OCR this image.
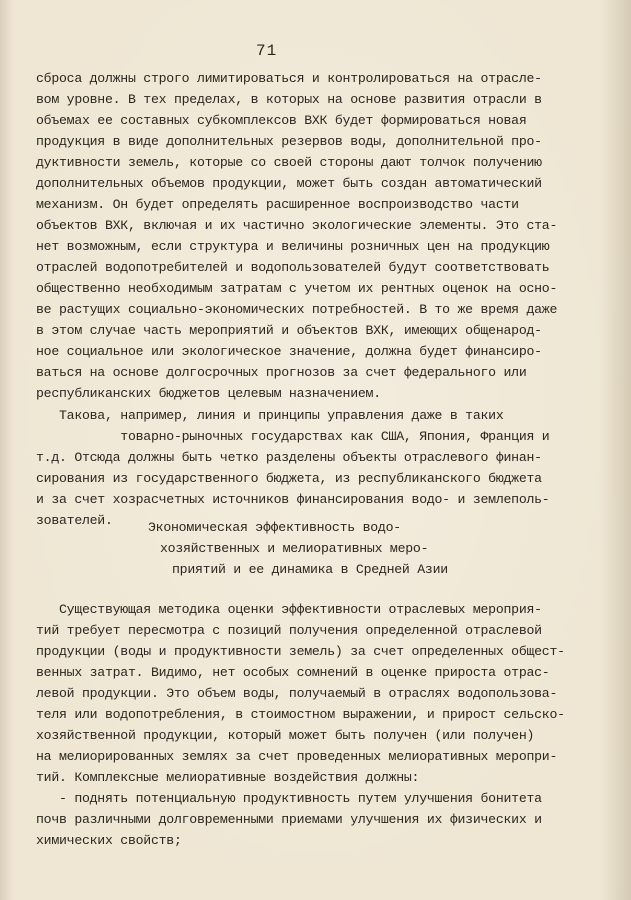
71
сброса должны строго лимитироваться и контролироваться на отрасле-
вом уровне. В тех пределах, в которых на основе развития отрасли в
объемах ее составных субкомплексов ВХК будет формироваться новая
продукция в виде дополнительных резервов воды, дополнительной про-
дуктивности земель, которые со своей стороны дают толчок получению
дополнительных объемов продукции, может быть создан автоматический
механизм. Он будет определять расширенное воспроизводство части
объектов ВХК, включая и их частично экологические элементы. Это ста-
нет возможным, если структура и величины розничных цен на продукцию
отраслей водопотребителей и водопользователей будут соответствовать
общественно необходимым затратам с учетом их рентных оценок на осно-
ве растущих социально-экономических потребностей. В то же время даже
в этом случае часть мероприятий и объектов ВХК, имеющих общенарод-
ное социальное или экологическое значение, должна будет финансиро-
ваться на основе долгосрочных прогнозов за счет федерального или
республиканских бюджетов целевым назначением.
Такова, например, линия и принципы управления даже в таких
товарно-рыночных государствах как США, Япония, Франция и
т.д. Отсюда должны быть четко разделены объекты отраслевого финан-
сирования из государственного бюджета, из республиканского бюджета
и за счет хозрасчетных источников финансирования водо- и землеполь-
зователей.	Экономическая эффективность водо-
хозяйственных и мелиоративных меро-
приятий и ее динамика в Средней Азии
Существующая методика оценки эффективности отраслевых мероприя-
тий требует пересмотра с позиций получения определенной отраслевой
продукции (воды и продуктивности земель) за счет определенных общест-
венных затрат. Видимо, нет особых сомнений в оценке прироста отрас-
левой продукции. Это объем воды, получаемый в отраслях водопользова-
теля или водопотребления, в стоимостном выражении, и прирост сельско-
хозяйственной продукции, который может быть получен (или получен)
на мелиорированных землях за счет проведенных мелиоративных меропри-
тий. Комплексные мелиоративные воздействия должны:
- поднять потенциальную продуктивность путем улучшения бонитета
почв различными долговременными приемами улучшения их физических и
химических свойств;
